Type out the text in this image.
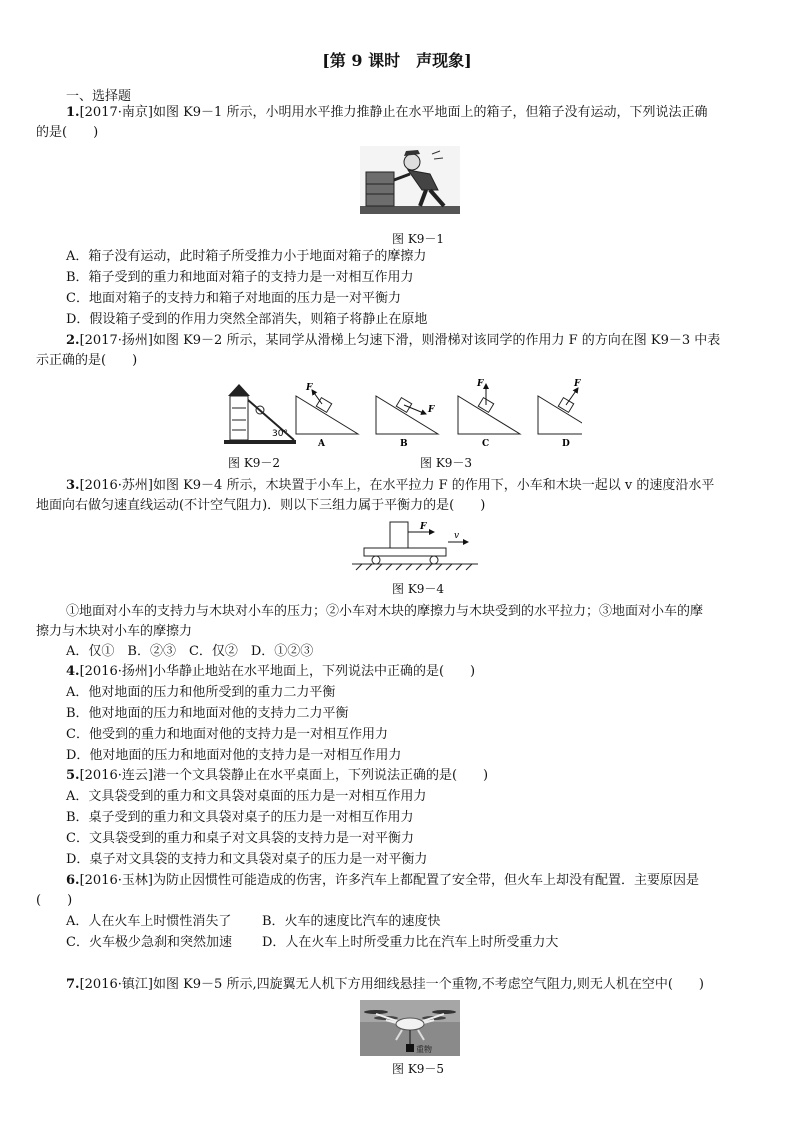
[第 9 课时　声现象]
一、选择题
1.[2017·南京]如图 K9－1 所示，小明用水平推力推静止在水平地面上的箱子，但箱子没有运动，下列说法正确
的是(　　)
图 K9－1
A．箱子没有运动，此时箱子所受推力小于地面对箱子的摩擦力
B．箱子受到的重力和地面对箱子的支持力是一对相互作用力
C．地面对箱子的支持力和箱子对地面的压力是一对平衡力
D．假设箱子受到的作用力突然全部消失，则箱子将静止在原地
2.[2017·扬州]如图 K9－2 所示，某同学从滑梯上匀速下滑，则滑梯对该同学的作用力 F 的方向在图 K9－3 中表
示正确的是(　　)
30°
F
A
F
B
F
C
F
D
图 K9－2	图 K9－3
3.[2016·苏州]如图 K9－4 所示，木块置于小车上，在水平拉力 F 的作用下，小车和木块一起以 v 的速度沿水平
地面向右做匀速直线运动(不计空气阻力)．则以下三组力属于平衡力的是(　　)
F
v
图 K9－4
①地面对小车的支持力与木块对小车的压力；②小车对木块的摩擦力与木块受到的水平拉力；③地面对小车的摩
擦力与木块对小车的摩擦力
A．仅①　B．②③　C．仅②　D．①②③
4.[2016·扬州]小华静止地站在水平地面上，下列说法中正确的是(　　)
A．他对地面的压力和他所受到的重力二力平衡
B．他对地面的压力和地面对他的支持力二力平衡
C．他受到的重力和地面对他的支持力是一对相互作用力
D．他对地面的压力和地面对他的支持力是一对相互作用力
5.[2016·连云]港一个文具袋静止在水平桌面上，下列说法正确的是(　　)
A．文具袋受到的重力和文具袋对桌面的压力是一对相互作用力
B．桌子受到的重力和文具袋对桌子的压力是一对相互作用力
C．文具袋受到的重力和桌子对文具袋的支持力是一对平衡力
D．桌子对文具袋的支持力和文具袋对桌子的压力是一对平衡力
6.[2016·玉林]为防止因惯性可能造成的伤害，许多汽车上都配置了安全带，但火车上却没有配置．主要原因是
(　　)
A．人在火车上时惯性消失了 B．火车的速度比汽车的速度快
C．火车极少急刹和突然加速 D．人在火车上时所受重力比在汽车上时所受重力大
7.[2016·镇江]如图 K9－5 所示,四旋翼无人机下方用细线悬挂一个重物,不考虑空气阻力,则无人机在空中(　　)
重物
图 K9－5
